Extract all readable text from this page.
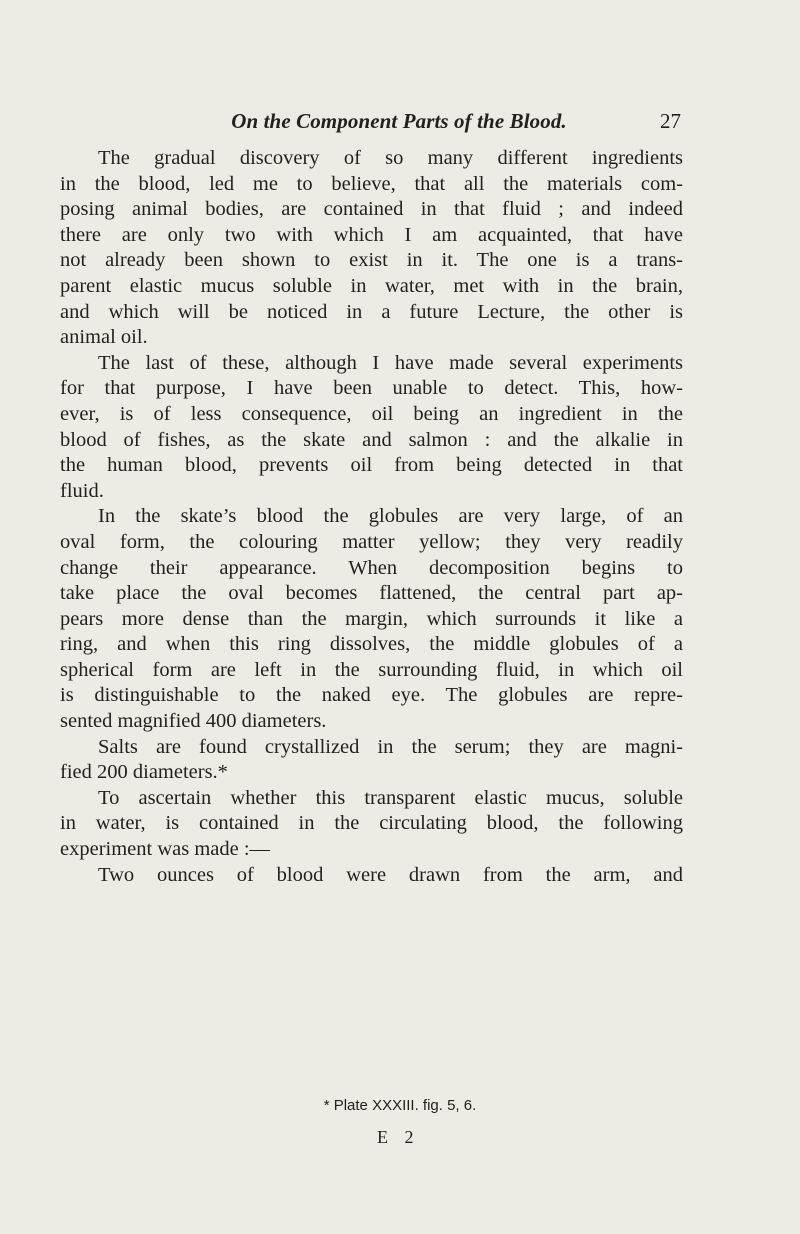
On the Component Parts of the Blood.	27
The gradual discovery of so many different ingredients
in the blood, led me to believe, that all the materials com-
posing animal bodies, are contained in that fluid ; and indeed
there are only two with which I am acquainted, that have
not already been shown to exist in it. The one is a trans-
parent elastic mucus soluble in water, met with in the brain,
and which will be noticed in a future Lecture, the other is
animal oil.
The last of these, although I have made several experiments
for that purpose, I have been unable to detect. This, how-
ever, is of less consequence, oil being an ingredient in the
blood of fishes, as the skate and salmon : and the alkalie in
the human blood, prevents oil from being detected in that
fluid.
In the skate’s blood the globules are very large, of an
oval form, the colouring matter yellow; they very readily
change their appearance. When decomposition begins to
take place the oval becomes flattened, the central part ap-
pears more dense than the margin, which surrounds it like a
ring, and when this ring dissolves, the middle globules of a
spherical form are left in the surrounding fluid, in which oil
is distinguishable to the naked eye. The globules are repre-
sented magnified 400 diameters.
Salts are found crystallized in the serum; they are magni-
fied 200 diameters.*
To ascertain whether this transparent elastic mucus, soluble
in water, is contained in the circulating blood, the following
experiment was made :—
Two ounces of blood were drawn from the arm, and
* Plate XXXIII. fig. 5, 6.
E 2
